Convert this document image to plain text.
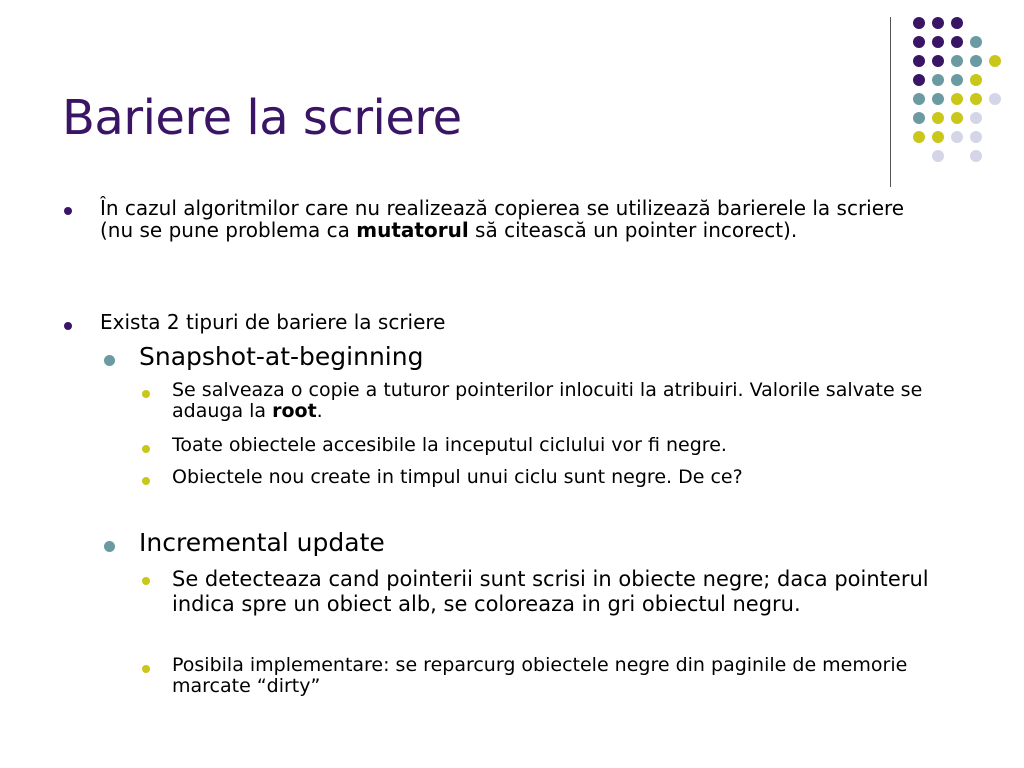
Bariere la scriere
În cazul algoritmilor care nu realizează copierea se utilizează barierele la scriere (nu se pune problema ca mutatorul să citească un pointer incorect).
Exista 2 tipuri de bariere la scriere
Snapshot-at-beginning
Se salveaza o copie a tuturor pointerilor inlocuiti la atribuiri. Valorile salvate se adauga la root.
Toate obiectele accesibile la inceputul ciclului vor fi negre.
Obiectele nou create in timpul unui ciclu sunt negre. De ce?
Incremental update
Se detecteaza cand pointerii sunt scrisi in obiecte negre; daca pointerul indica spre un obiect alb, se coloreaza in gri obiectul negru.
Posibila implementare: se reparcurg obiectele negre din paginile de memorie marcate “dirty”
